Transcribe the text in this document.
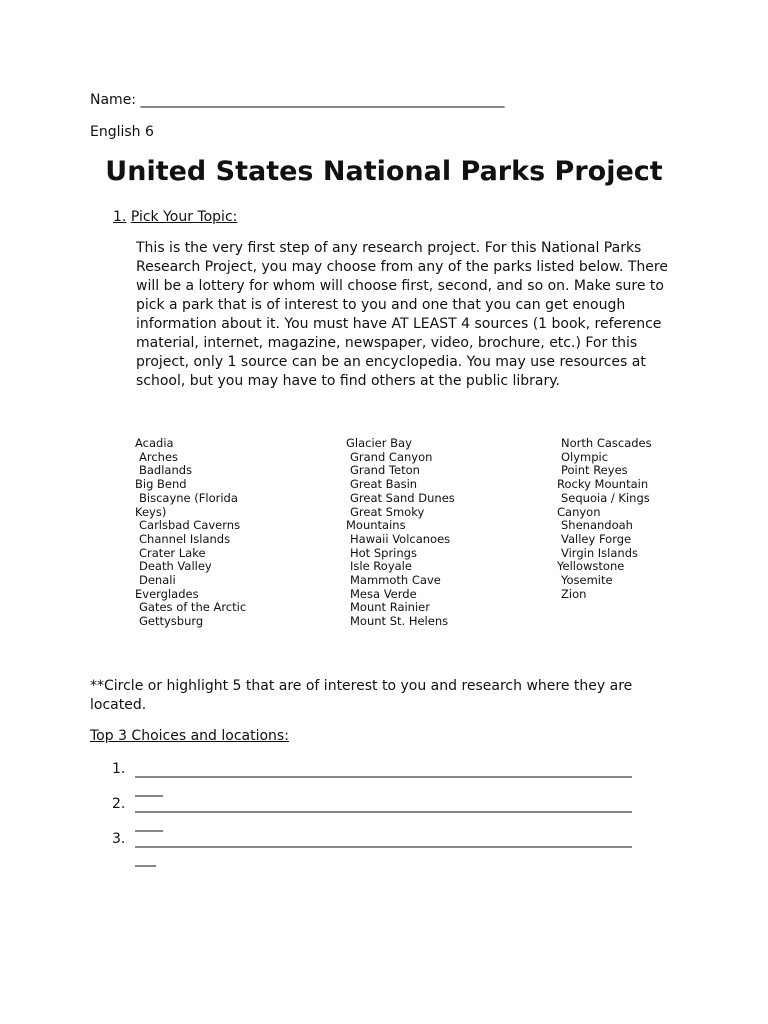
Name: ____________________________________________________
English 6
United States National Parks Project
1. Pick Your Topic:
This is the very first step of any research project. For this National Parks
Research Project, you may choose from any of the parks listed below. There
will be a lottery for whom will choose first, second, and so on. Make sure to
pick a park that is of interest to you and one that you can get enough
information about it. You must have AT LEAST 4 sources (1 book, reference
material, internet, magazine, newspaper, video, brochure, etc.) For this
project, only 1 source can be an encyclopedia. You may use resources at
school, but you may have to find others at the public library.
Acadia
Arches
Badlands
Big Bend
Biscayne (Florida
Keys)
Carlsbad Caverns
Channel Islands
Crater Lake
Death Valley
Denali
Everglades
Gates of the Arctic
Gettysburg
Glacier Bay
Grand Canyon
Grand Teton
Great Basin
Great Sand Dunes
Great Smoky
Mountains
Hawaii Volcanoes
Hot Springs
Isle Royale
Mammoth Cave
Mesa Verde
Mount Rainier
Mount St. Helens
North Cascades
Olympic
Point Reyes
Rocky Mountain
Sequoia / Kings
Canyon
Shenandoah
Valley Forge
Virgin Islands
Yellowstone
Yosemite
Zion
**Circle or highlight 5 that are of interest to you and research where they are
located.
Top 3 Choices and locations:
1. _______________________________________________________________________
____
2. _______________________________________________________________________
____
3. _______________________________________________________________________
___
